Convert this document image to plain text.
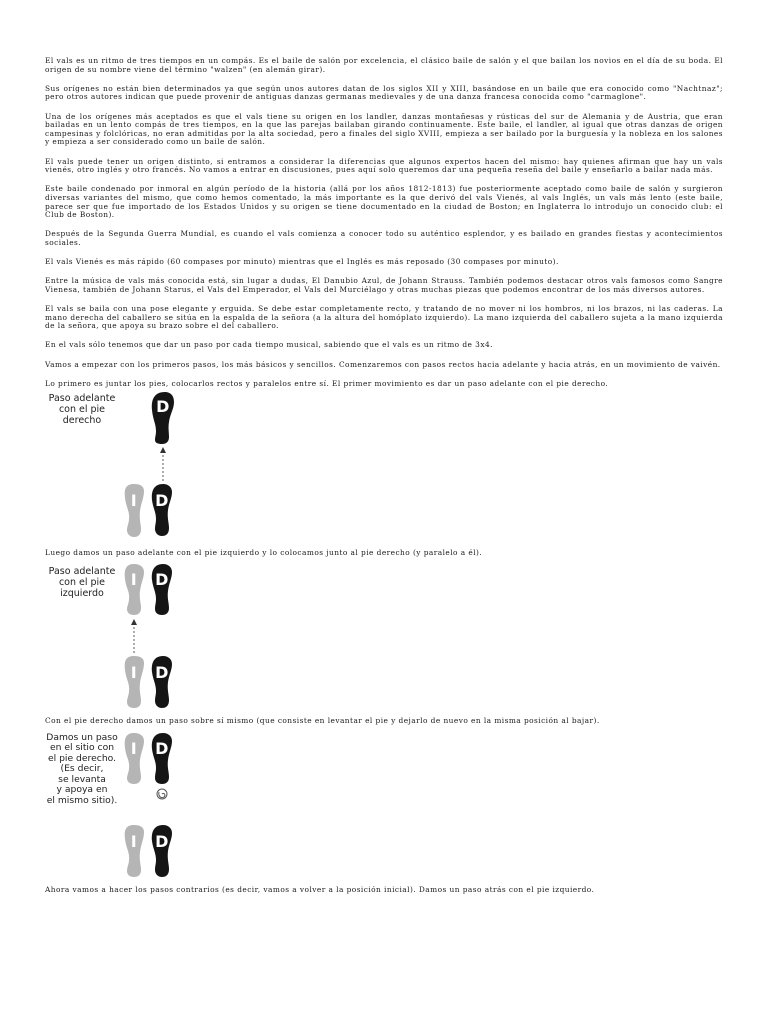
El vals es un ritmo de tres tiempos en un compás. Es el baile de salón por excelencia, el clásico baile de salón y el que bailan los novios en el día de su boda. El origen de su nombre viene del término "walzen" (en alemán girar).

Sus orígenes no están bien determinados ya que según unos autores datan de los siglos XII y XIII, basándose en un baile que era conocido como "Nachtnaz"; pero otros autores indican que puede provenir de antiguas danzas germanas medievales y de una danza francesa conocida como "carmaglone".

Una de los orígenes más aceptados es que el vals tiene su origen en los landler, danzas montañesas y rústicas del sur de Alemania y de Austria, que eran bailadas en un lento compás de tres tiempos, en la que las parejas bailaban girando continuamente. Este baile, el landler, al igual que otras danzas de origen campesinas y folclóricas, no eran admitidas por la alta sociedad, pero a finales del siglo XVIII, empieza a ser bailado por la burguesía y la nobleza en los salones y empieza a ser considerado como un baile de salón.

El vals puede tener un origen distinto, si entramos a considerar la diferencias que algunos expertos hacen del mismo: hay quienes afirman que hay un vals vienés, otro inglés y otro francés. No vamos a entrar en discusiones, pues aquí solo queremos dar una pequeña reseña del baile y enseñarlo a bailar nada más.

Este baile condenado por inmoral en algún período de la historia (allá por los años 1812-1813) fue posteriormente aceptado como baile de salón y surgieron diversas variantes del mismo, que como hemos comentado, la más importante es la que derivó del vals Vienés, al vals Inglés, un vals más lento (este baile, parece ser que fue importado de los Estados Unidos y su origen se tiene documentado en la ciudad de Boston; en Inglaterra lo introdujo un conocido club: el Club de Boston).

Después de la Segunda Guerra Mundial, es cuando el vals comienza a conocer todo su auténtico esplendor, y es bailado en grandes fiestas y acontecimientos sociales.

El vals Vienés es más rápido (60 compases por minuto) mientras que el Inglés es más reposado (30 compases por minuto).

Entre la música de vals más conocida está, sin lugar a dudas, El Danubio Azul, de Johann Strauss. También podemos destacar otros vals famosos como Sangre Vienesa, también de Johann Starus, el Vals del Emperador, el Vals del Murciélago y otras muchas piezas que podemos encontrar de los más diversos autores.

El vals se baila con una pose elegante y erguida. Se debe estar completamente recto, y tratando de no mover ni los hombros, ni los brazos, ni las caderas. La mano derecha del caballero se sitúa en la espalda de la señora (a la altura del homóplato izquierdo). La mano izquierda del caballero sujeta a la mano izquierda de la señora, que apoya su brazo sobre el del caballero.

En el vals sólo tenemos que dar un paso por cada tiempo musical, sabiendo que el vals es un ritmo de 3x4.

Vamos a empezar con los primeros pasos, los más básicos y sencillos. Comenzaremos con pasos rectos hacia adelante y hacia atrás, en un movimiento de vaivén.

Lo primero es juntar los pies, colocarlos rectos y paralelos entre sí. El primer movimiento es dar un paso adelante con el pie derecho.

Paso adelante
con el pie
derecho
D
I D

Luego damos un paso adelante con el pie izquierdo y lo colocamos junto al pie derecho (y paralelo a él).

Paso adelante
con el pie
izquierdo
I D
I D

Con el pie derecho damos un paso sobre sí mismo (que consiste en levantar el pie y dejarlo de nuevo en la misma posición al bajar).

Damos un paso
en el sitio con
el pie derecho.
(Es decir,
se levanta
y apoya en
el mismo sitio).
I D
I D

Ahora vamos a hacer los pasos contrarios (es decir, vamos a volver a la posición inicial). Damos un paso atrás con el pie izquierdo.
